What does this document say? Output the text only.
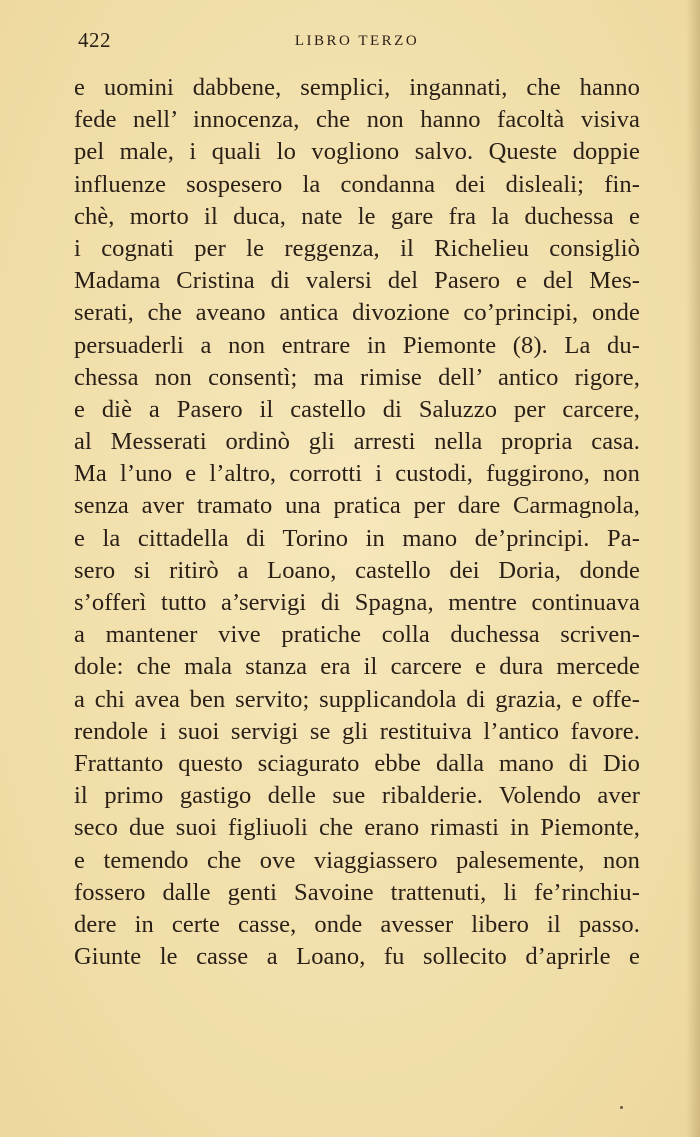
422	LIBRO TERZO
e uomini dabbene, semplici, ingannati, che hanno
fede nell’ innocenza, che non hanno facoltà visiva
pel male, i quali lo vogliono salvo. Queste doppie
influenze sospesero la condanna dei disleali; fin-
chè, morto il duca, nate le gare fra la duchessa e
i cognati per le reggenza, il Richelieu consigliò
Madama Cristina di valersi del Pasero e del Mes-
serati, che aveano antica divozione co’principi, onde
persuaderli a non entrare in Piemonte (8). La du-
chessa non consentì; ma rimise dell’ antico rigore,
e diè a Pasero il castello di Saluzzo per carcere,
al Messerati ordinò gli arresti nella propria casa.
Ma l’uno e l’altro, corrotti i custodi, fuggirono, non
senza aver tramato una pratica per dare Carmagnola,
e la cittadella di Torino in mano de’principi. Pa-
sero si ritirò a Loano, castello dei Doria, donde
s’offerì tutto a’servigi di Spagna, mentre continuava
a mantener vive pratiche colla duchessa scriven-
dole: che mala stanza era il carcere e dura mercede
a chi avea ben servito; supplicandola di grazia, e offe-
rendole i suoi servigi se gli restituiva l’antico favore.
Frattanto questo sciagurato ebbe dalla mano di Dio
il primo gastigo delle sue ribalderie. Volendo aver
seco due suoi figliuoli che erano rimasti in Piemonte,
e temendo che ove viaggiassero palesemente, non
fossero dalle genti Savoine trattenuti, li fe’rinchiu-
dere in certe casse, onde avesser libero il passo.
Giunte le casse a Loano, fu sollecito d’aprirle e
